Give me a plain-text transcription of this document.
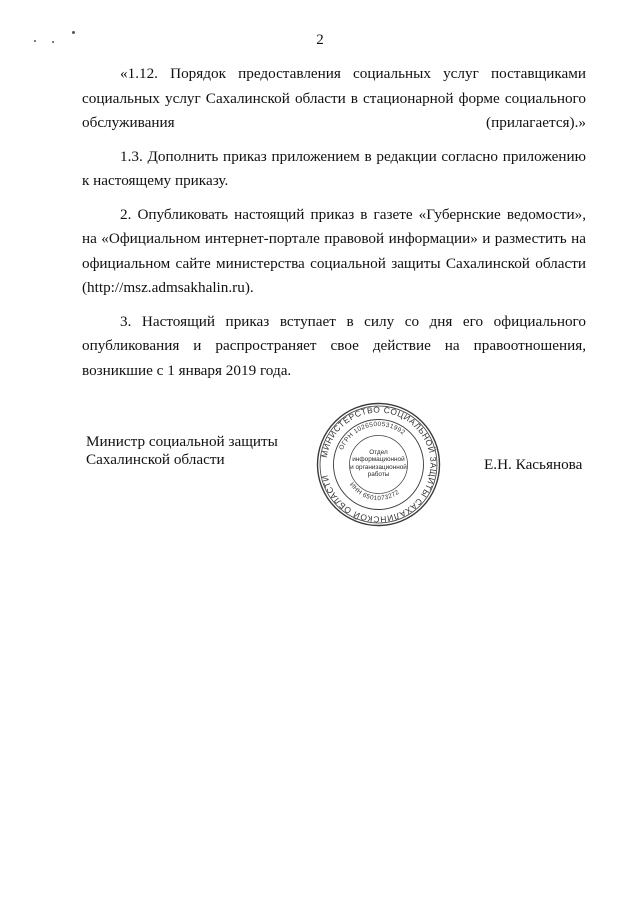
2

«1.12. Порядок предоставления социальных услуг поставщиками социальных услуг Сахалинской области в стационарной форме социального обслуживания (прилагается).»

1.3. Дополнить приказ приложением в редакции согласно приложению к настоящему приказу.

2. Опубликовать настоящий приказ в газете «Губернские ведомости», на «Официальном интернет-портале правовой информации» и разместить на официальном сайте министерства социальной защиты Сахалинской области (http://msz.admsakhalin.ru).

3. Настоящий приказ вступает в силу со дня его официального опубликования и распространяет свое действие на правоотношения, возникшие с 1 января 2019 года.

Министр социальной защиты
Сахалинской области	Е.Н. Касьянова
МИНИСТЕРСТВО СОЦИАЛЬНОЙ ЗАЩИТЫ САХАЛИНСКОЙ ОБЛАСТИ
ОГРН 1026500531992
ИНН 6501073272
Отдел
информационной
и организационной
работы
